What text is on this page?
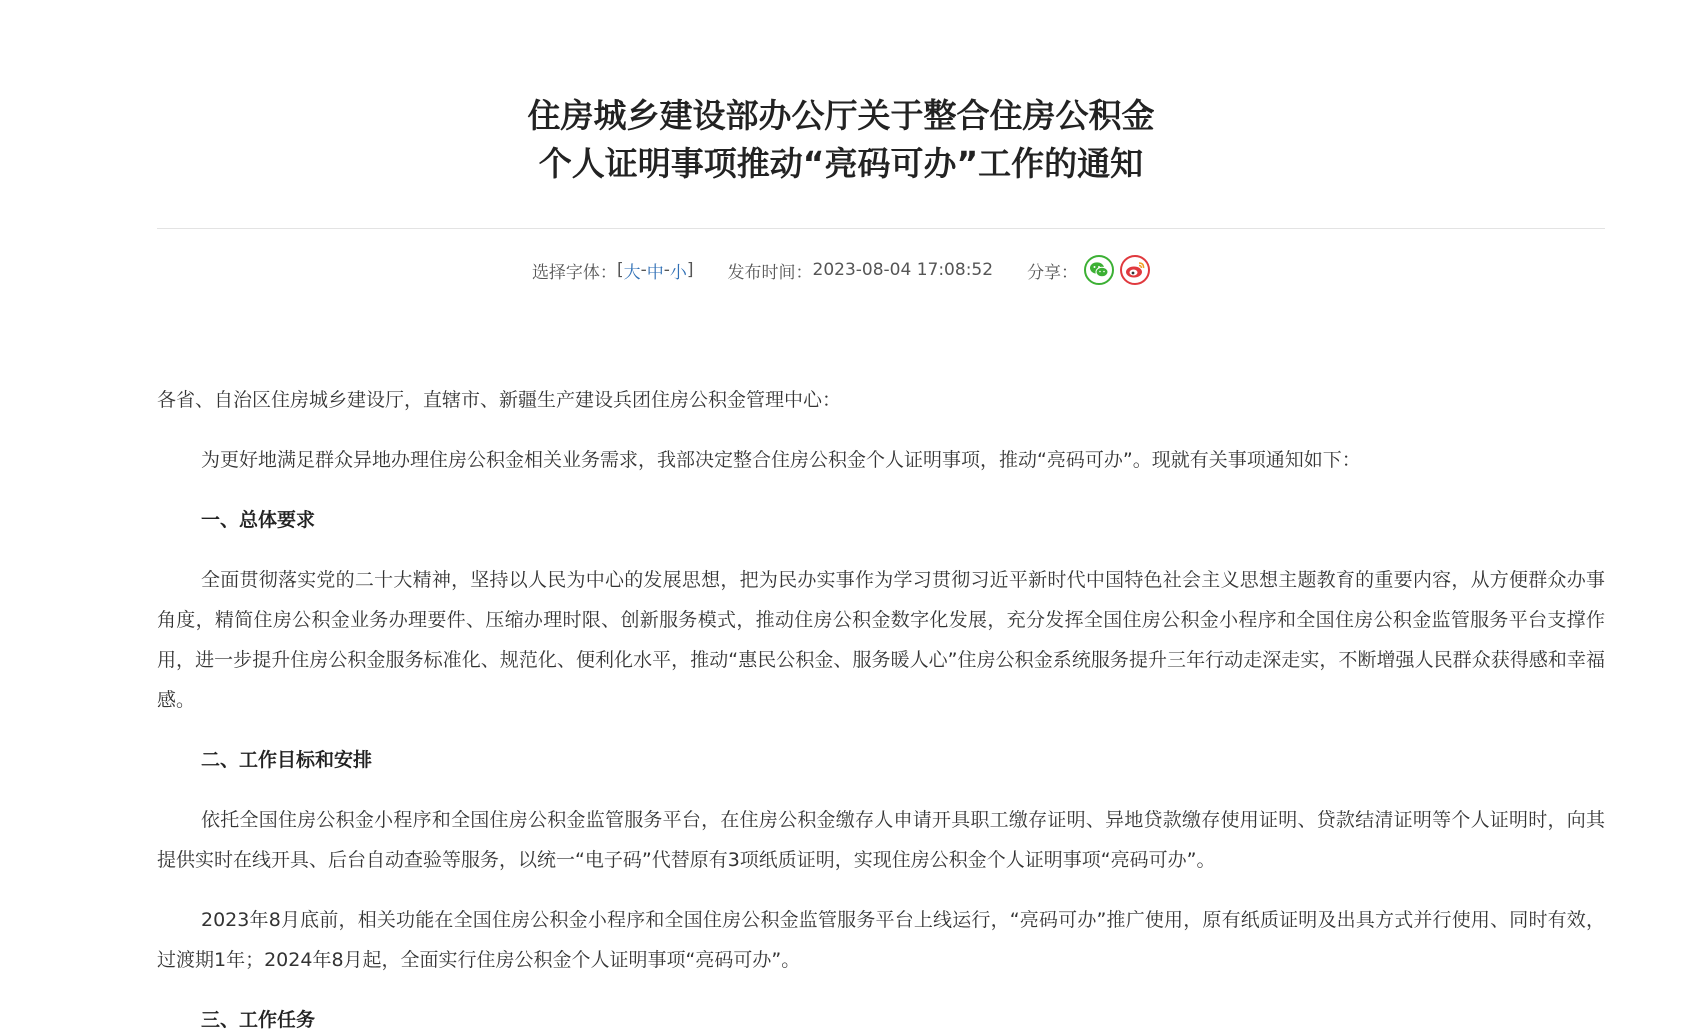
住房城乡建设部办公厅关于整合住房公积金
个人证明事项推动“亮码可办”工作的通知
选择字体： [ 大 - 中 - 小 ] 发布时间： 2023-08-04 17:08:52 分享：

各省、自治区住房城乡建设厅，直辖市、新疆生产建设兵团住房公积金管理中心：

为更好地满足群众异地办理住房公积金相关业务需求，我部决定整合住房公积金个人证明事项，推动“亮码可办”。现就有关事项通知如下：

一、总体要求

全面贯彻落实党的二十大精神，坚持以人民为中心的发展思想，把为民办实事作为学习贯彻习近平新时代中国特色社会主义思想主题教育的重要内容，从方便群众办事角度，精简住房公积金业务办理要件、压缩办理时限、创新服务模式，推动住房公积金数字化发展，充分发挥全国住房公积金小程序和全国住房公积金监管服务平台支撑作用，进一步提升住房公积金服务标准化、规范化、便利化水平，推动“惠民公积金、服务暖人心”住房公积金系统服务提升三年行动走深走实，不断增强人民群众获得感和幸福感。

二、工作目标和安排

依托全国住房公积金小程序和全国住房公积金监管服务平台，在住房公积金缴存人申请开具职工缴存证明、异地贷款缴存使用证明、贷款结清证明等个人证明时，向其提供实时在线开具、后台自动查验等服务，以统一“电子码”代替原有3项纸质证明，实现住房公积金个人证明事项“亮码可办”。

2023年8月底前，相关功能在全国住房公积金小程序和全国住房公积金监管服务平台上线运行，“亮码可办”推广使用，原有纸质证明及出具方式并行使用、同时有效，过渡期1年；2024年8月起，全面实行住房公积金个人证明事项“亮码可办”。

三、工作任务
